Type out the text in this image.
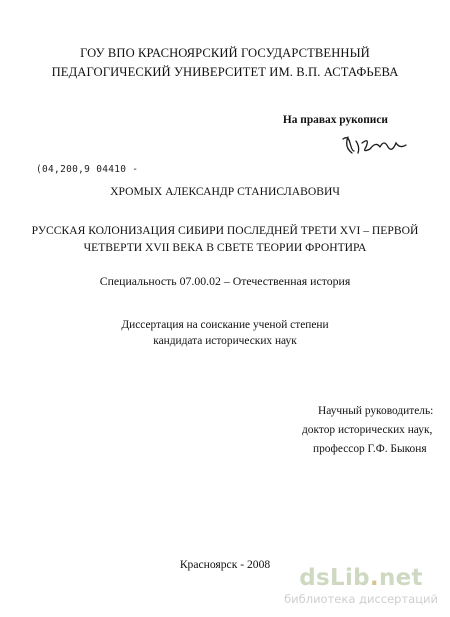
ГОУ ВПО КРАСНОЯРСКИЙ ГОСУДАРСТВЕННЫЙ
ПЕДАГОГИЧЕСКИЙ УНИВЕРСИТЕТ ИМ. В.П. АСТАФЬЕВА
На правах рукописи
(04,200,9 04410 -
ХРОМЫХ АЛЕКСАНДР СТАНИСЛАВОВИЧ
РУССКАЯ КОЛОНИЗАЦИЯ СИБИРИ ПОСЛЕДНЕЙ ТРЕТИ XVI – ПЕРВОЙ
ЧЕТВЕРТИ XVII ВЕКА В СВЕТЕ ТЕОРИИ ФРОНТИРА
Специальность 07.00.02 – Отечественная история
Диссертация на соискание ученой степени
кандидата исторических наук
Научный руководитель:
доктор исторических наук,
профессор Г.Ф. Быконя
Красноярск - 2008
dsLib.net
библиотека диссертаций
